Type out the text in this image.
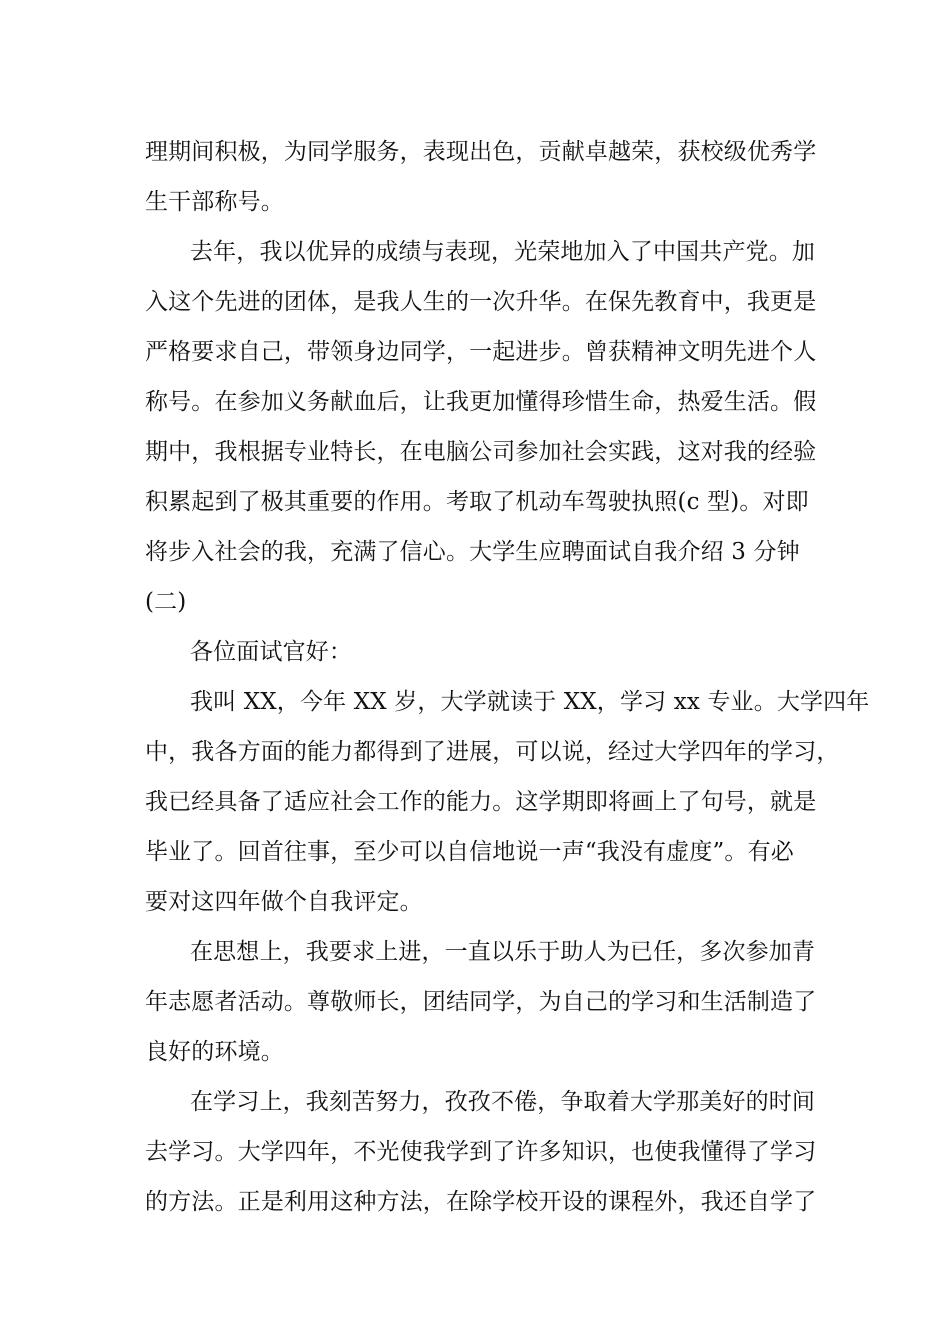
理期间积极，为同学服务，表现出色，贡献卓越荣，获校级优秀学
生干部称号。
去年，我以优异的成绩与表现，光荣地加入了中国共产党。加
入这个先进的团体，是我人生的一次升华。在保先教育中，我更是
严格要求自己，带领身边同学，一起进步。曾获精神文明先进个人
称号。在参加义务献血后，让我更加懂得珍惜生命，热爱生活。假
期中，我根据专业特长，在电脑公司参加社会实践，这对我的经验
积累起到了极其重要的作用。考取了机动车驾驶执照(c 型)。对即
将步入社会的我，充满了信心。大学生应聘面试自我介绍 3 分钟
(二)
各位面试官好：
我叫 XX，今年 XX 岁，大学就读于 XX，学习 xx 专业。大学四年
中，我各方面的能力都得到了进展，可以说，经过大学四年的学习，
我已经具备了适应社会工作的能力。这学期即将画上了句号，就是
毕业了。回首往事，至少可以自信地说一声“我没有虚度”。有必
要对这四年做个自我评定。
在思想上，我要求上进，一直以乐于助人为已任，多次参加青
年志愿者活动。尊敬师长，团结同学，为自己的学习和生活制造了
良好的环境。
在学习上，我刻苦努力，孜孜不倦，争取着大学那美好的时间
去学习。大学四年，不光使我学到了许多知识，也使我懂得了学习
的方法。正是利用这种方法，在除学校开设的课程外，我还自学了
